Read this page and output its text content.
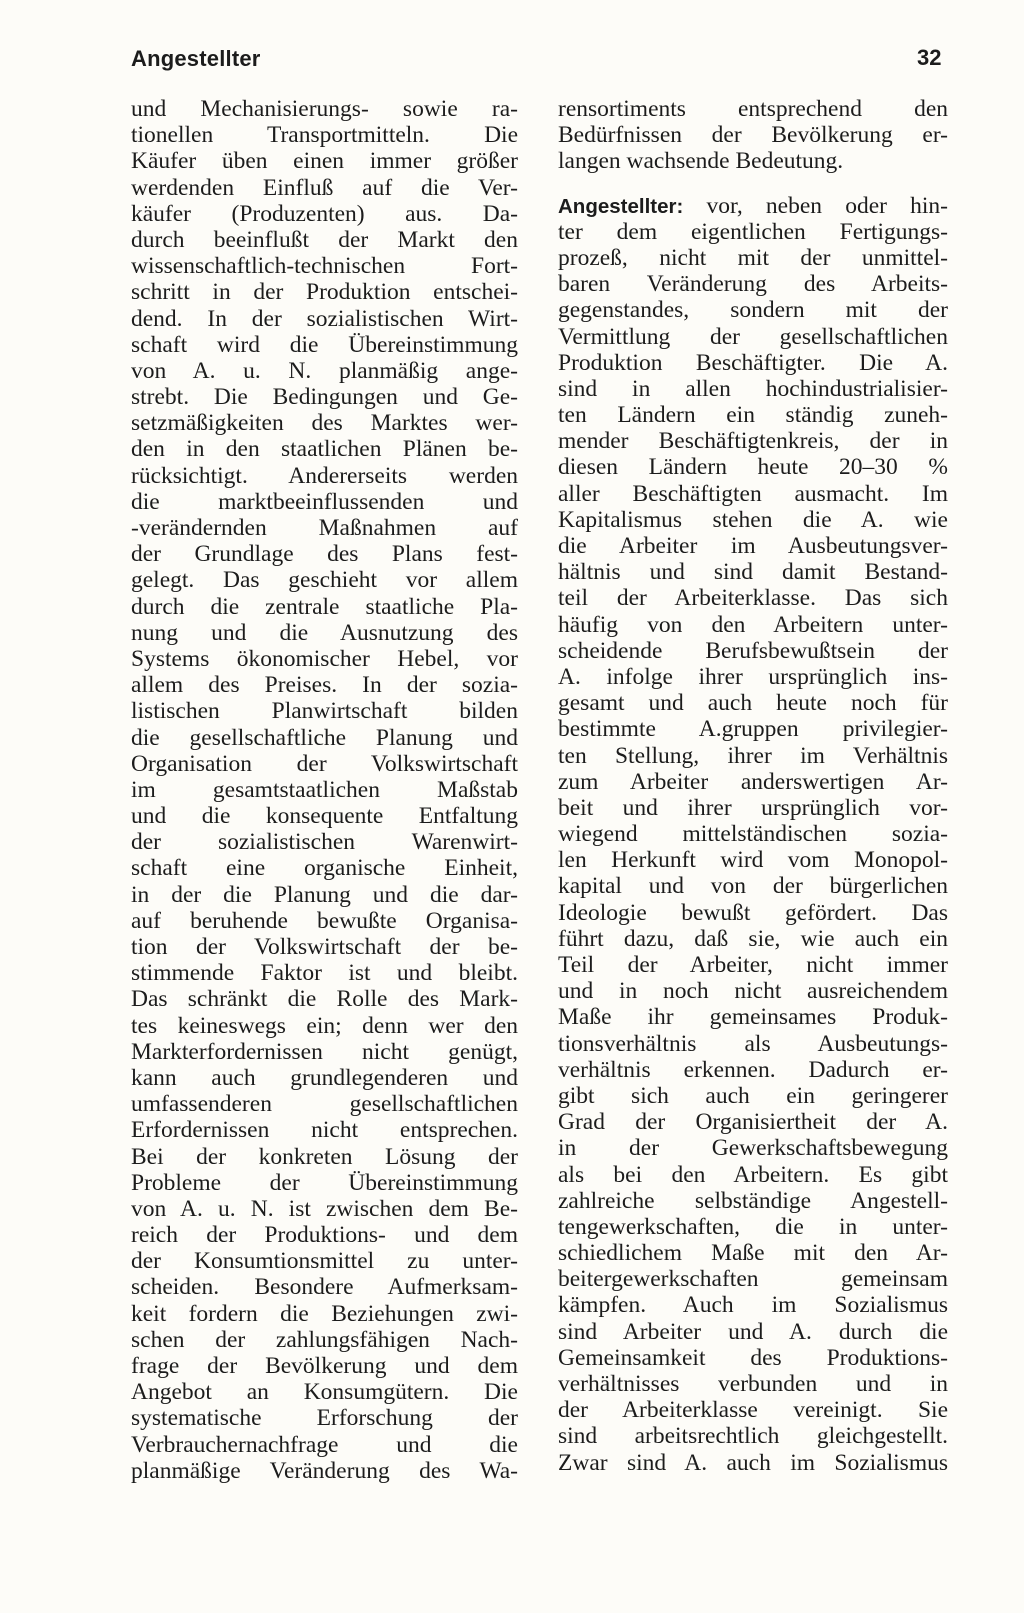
Angestellter	32
und Mechanisierungs- sowie ra-
tionellen Transportmitteln. Die
Käufer üben einen immer größer
werdenden Einfluß auf die Ver-
käufer (Produzenten) aus. Da-
durch beeinflußt der Markt den
wissenschaftlich-technischen Fort-
schritt in der Produktion entschei-
dend. In der sozialistischen Wirt-
schaft wird die Übereinstimmung
von A. u. N. planmäßig ange-
strebt. Die Bedingungen und Ge-
setzmäßigkeiten des Marktes wer-
den in den staatlichen Plänen be-
rücksichtigt. Andererseits werden
die marktbeeinflussenden und
-verändernden Maßnahmen auf
der Grundlage des Plans fest-
gelegt. Das geschieht vor allem
durch die zentrale staatliche Pla-
nung und die Ausnutzung des
Systems ökonomischer Hebel, vor
allem des Preises. In der sozia-
listischen Planwirtschaft bilden
die gesellschaftliche Planung und
Organisation der Volkswirtschaft
im gesamtstaatlichen Maßstab
und die konsequente Entfaltung
der sozialistischen Warenwirt-
schaft eine organische Einheit,
in der die Planung und die dar-
auf beruhende bewußte Organisa-
tion der Volkswirtschaft der be-
stimmende Faktor ist und bleibt.
Das schränkt die Rolle des Mark-
tes keineswegs ein; denn wer den
Markterfordernissen nicht genügt,
kann auch grundlegenderen und
umfassenderen gesellschaftlichen
Erfordernissen nicht entsprechen.
Bei der konkreten Lösung der
Probleme der Übereinstimmung
von A. u. N. ist zwischen dem Be-
reich der Produktions- und dem
der Konsumtionsmittel zu unter-
scheiden. Besondere Aufmerksam-
keit fordern die Beziehungen zwi-
schen der zahlungsfähigen Nach-
frage der Bevölkerung und dem
Angebot an Konsumgütern. Die
systematische Erforschung der
Verbrauchernachfrage und die
planmäßige Veränderung des Wa-
rensortiments entsprechend den
Bedürfnissen der Bevölkerung er-
langen wachsende Bedeutung.
Angestellter: vor, neben oder hin-
ter dem eigentlichen Fertigungs-
prozeß, nicht mit der unmittel-
baren Veränderung des Arbeits-
gegenstandes, sondern mit der
Vermittlung der gesellschaftlichen
Produktion Beschäftigter. Die A.
sind in allen hochindustrialisier-
ten Ländern ein ständig zuneh-
mender Beschäftigtenkreis, der in
diesen Ländern heute 20–30 %
aller Beschäftigten ausmacht. Im
Kapitalismus stehen die A. wie
die Arbeiter im Ausbeutungsver-
hältnis und sind damit Bestand-
teil der Arbeiterklasse. Das sich
häufig von den Arbeitern unter-
scheidende Berufsbewußtsein der
A. infolge ihrer ursprünglich ins-
gesamt und auch heute noch für
bestimmte A.gruppen privilegier-
ten Stellung, ihrer im Verhältnis
zum Arbeiter anderswertigen Ar-
beit und ihrer ursprünglich vor-
wiegend mittelständischen sozia-
len Herkunft wird vom Monopol-
kapital und von der bürgerlichen
Ideologie bewußt gefördert. Das
führt dazu, daß sie, wie auch ein
Teil der Arbeiter, nicht immer
und in noch nicht ausreichendem
Maße ihr gemeinsames Produk-
tionsverhältnis als Ausbeutungs-
verhältnis erkennen. Dadurch er-
gibt sich auch ein geringerer
Grad der Organisiertheit der A.
in der Gewerkschaftsbewegung
als bei den Arbeitern. Es gibt
zahlreiche selbständige Angestell-
tengewerkschaften, die in unter-
schiedlichem Maße mit den Ar-
beitergewerkschaften gemeinsam
kämpfen. Auch im Sozialismus
sind Arbeiter und A. durch die
Gemeinsamkeit des Produktions-
verhältnisses verbunden und in
der Arbeiterklasse vereinigt. Sie
sind arbeitsrechtlich gleichgestellt.
Zwar sind A. auch im Sozialismus
